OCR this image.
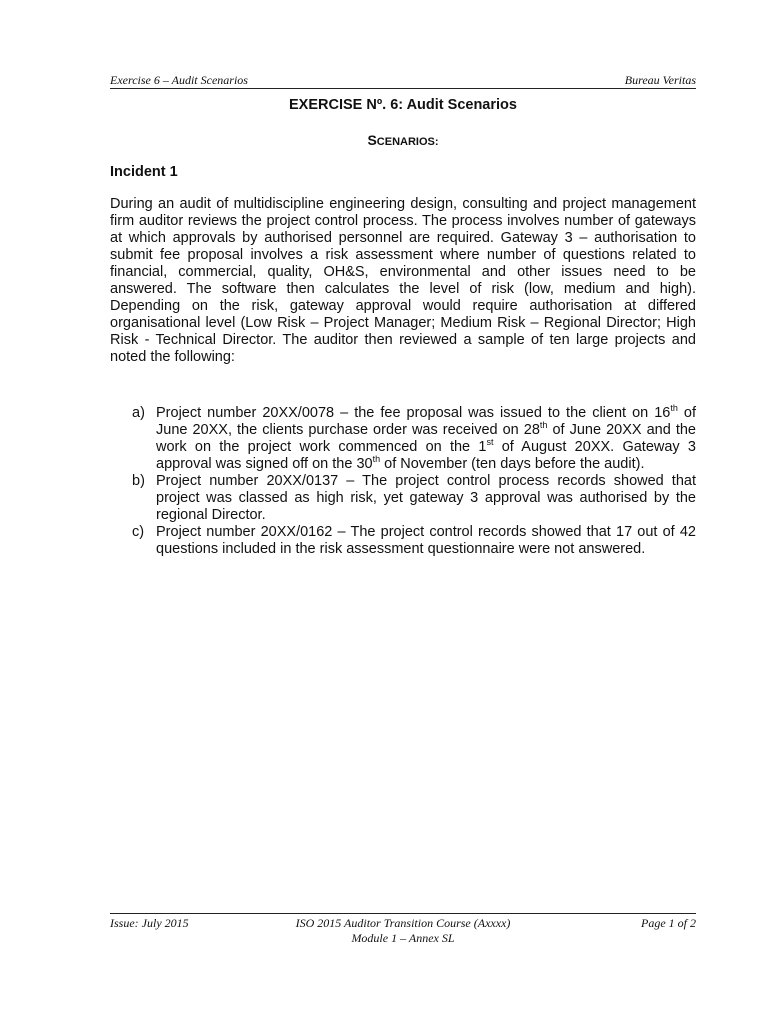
Exercise 6 – Audit Scenarios	Bureau Veritas
EXERCISE Nº. 6: Audit Scenarios
SCENARIOS:
Incident 1

During an audit of multidiscipline engineering design, consulting and project management firm auditor reviews the project control process. The process involves number of gateways at which approvals by authorised personnel are required. Gateway 3 – authorisation to submit fee proposal involves a risk assessment where number of questions related to financial, commercial, quality, OH&S, environmental and other issues need to be answered. The software then calculates the level of risk (low, medium and high). Depending on the risk, gateway approval would require authorisation at differed organisational level (Low Risk – Project Manager; Medium Risk – Regional Director; High Risk - Technical Director. The auditor then reviewed a sample of ten large projects and noted the following:

a) Project number 20XX/0078 – the fee proposal was issued to the client on 16th of June 20XX, the clients purchase order was received on 28th of June 20XX and the work on the project work commenced on the 1st of August 20XX. Gateway 3 approval was signed off on the 30th of November (ten days before the audit).
b) Project number 20XX/0137 – The project control process records showed that project was classed as high risk, yet gateway 3 approval was authorised by the regional Director.
c) Project number 20XX/0162 – The project control records showed that 17 out of 42 questions included in the risk assessment questionnaire were not answered.
Issue: July 2015	ISO 2015 Auditor Transition Course (Axxxx)
Module 1 – Annex SL
Page 1 of 2
